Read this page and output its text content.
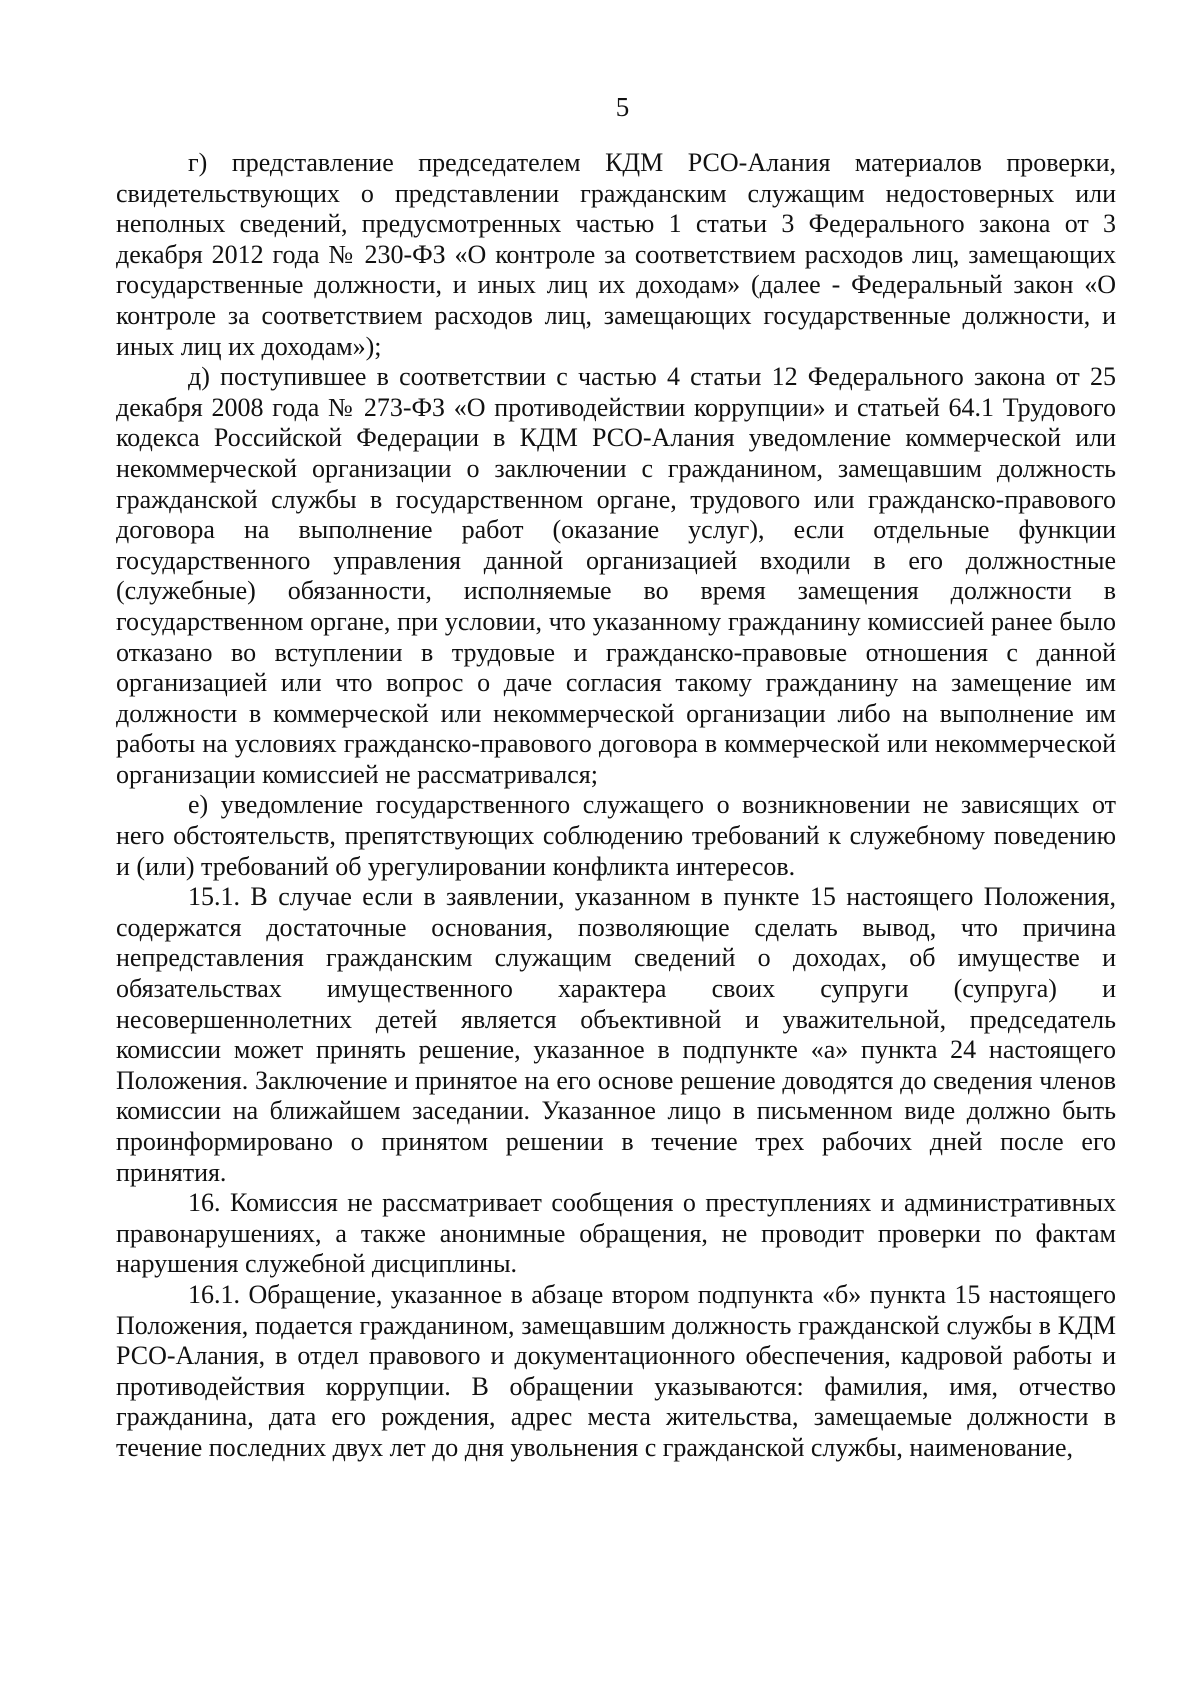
5

г) представление председателем КДМ РСО-Алания материалов проверки, свидетельствующих о представлении гражданским служащим недостоверных или неполных сведений, предусмотренных частью 1 статьи 3 Федерального закона от 3 декабря 2012 года № 230-ФЗ «О контроле за соответствием расходов лиц, замещающих государственные должности, и иных лиц их доходам» (далее - Федеральный закон «О контроле за соответствием расходов лиц, замещающих государственные должности, и иных лиц их доходам»);

д) поступившее в соответствии с частью 4 статьи 12 Федерального закона от 25 декабря 2008 года № 273-ФЗ «О противодействии коррупции» и статьей 64.1 Трудового кодекса Российской Федерации в КДМ РСО-Алания уведомление коммерческой или некоммерческой организации о заключении с гражданином, замещавшим должность гражданской службы в государственном органе, трудового или гражданско-правового договора на выполнение работ (оказание услуг), если отдельные функции государственного управления данной организацией входили в его должностные (служебные) обязанности, исполняемые во время замещения должности в государственном органе, при условии, что указанному гражданину комиссией ранее было отказано во вступлении в трудовые и гражданско-правовые отношения с данной организацией или что вопрос о даче согласия такому гражданину на замещение им должности в коммерческой или некоммерческой организации либо на выполнение им работы на условиях гражданско-правового договора в коммерческой или некоммерческой организации комиссией не рассматривался;

е) уведомление государственного служащего о возникновении не зависящих от него обстоятельств, препятствующих соблюдению требований к служебному поведению и (или) требований об урегулировании конфликта интересов.

15.1. В случае если в заявлении, указанном в пункте 15 настоящего Положения, содержатся достаточные основания, позволяющие сделать вывод, что причина непредставления гражданским служащим сведений о доходах, об имуществе и обязательствах имущественного характера своих супруги (супруга) и несовершеннолетних детей является объективной и уважительной, председатель комиссии может принять решение, указанное в подпункте «а» пункта 24 настоящего Положения. Заключение и принятое на его основе решение доводятся до сведения членов комиссии на ближайшем заседании. Указанное лицо в письменном виде должно быть проинформировано о принятом решении в течение трех рабочих дней после его принятия.

16. Комиссия не рассматривает сообщения о преступлениях и административных правонарушениях, а также анонимные обращения, не проводит проверки по фактам нарушения служебной дисциплины.

16.1. Обращение, указанное в абзаце втором подпункта «б» пункта 15 настоящего Положения, подается гражданином, замещавшим должность гражданской службы в КДМ РСО-Алания, в отдел правового и документационного обеспечения, кадровой работы и противодействия коррупции. В обращении указываются: фамилия, имя, отчество гражданина, дата его рождения, адрес места жительства, замещаемые должности в течение последних двух лет до дня увольнения с гражданской службы, наименование,
